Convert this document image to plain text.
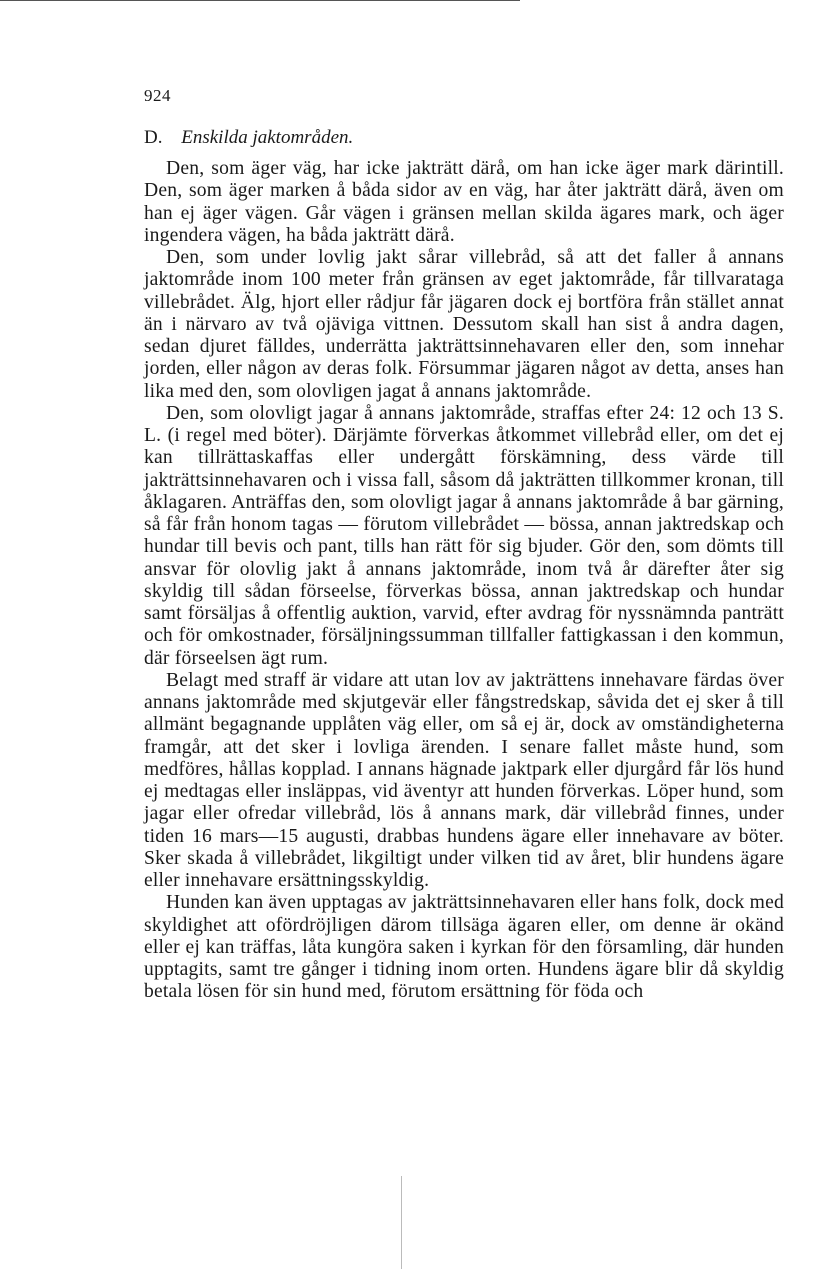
924
D. Enskilda jaktområden.

Den, som äger väg, har icke jakträtt därå, om han icke äger mark därintill. Den, som äger marken å båda sidor av en väg, har åter jakträtt därå, även om han ej äger vägen. Går vägen i gränsen mellan skilda ägares mark, och äger ingendera vägen, ha båda jakträtt därå.

Den, som under lovlig jakt sårar villebråd, så att det faller å annans jaktområde inom 100 meter från gränsen av eget jaktområde, får tillvaratagа villebrådet. Älg, hjort eller rådjur får jägaren dock ej bortföra från stället annat än i närvaro av två ojäviga vittnen. Dessutom skall han sist å andra dagen, sedan djuret fälldes, underrätta jakträttsinnehavaren eller den, som innehar jorden, eller någon av deras folk. Försummar jägaren något av detta, anses han lika med den, som olovligen jagat å annans jaktområde.

Den, som olovligt jagar å annans jaktområde, straffas efter 24: 12 och 13 S. L. (i regel med böter). Därjämte förverkas åtkommet villebråd eller, om det ej kan tillrättaskaffas eller undergått förskämning, dess värde till jakträttsinnehavaren och i vissa fall, såsom då jakträtten tillkommer kronan, till åklagaren. Anträffas den, som olovligt jagar å annans jaktområde å bar gärning, så får från honom tagas — förutom villebrådet — bössa, annan jaktredskap och hundar till bevis och pant, tills han rätt för sig bjuder. Gör den, som dömts till ansvar för olovlig jakt å annans jaktområde, inom två år därefter åter sig skyldig till sådan förseelse, förverkas bössa, annan jaktredskap och hundar samt försäljas å offentlig auktion, varvid, efter avdrag för nyssnämnda panträtt och för omkostnader, försäljningssumman tillfaller fattigkassan i den kommun, där förseelsen ägt rum.

Belagt med straff är vidare att utan lov av jakträttens innehavare färdas över annans jaktområde med skjutgevär eller fångstredskap, såvida det ej sker å till allmänt begagnande upplåten väg eller, om så ej är, dock av omständigheterna framgår, att det sker i lovliga ärenden. I senare fallet måste hund, som medföres, hållas kopplad. I annans hägnade jaktpark eller djurgård får lös hund ej medtagas eller insläppas, vid äventyr att hunden förverkas. Löper hund, som jagar eller ofredar villebråd, lös å annans mark, där villebråd finnes, under tiden 16 mars—15 augusti, drabbas hundens ägare eller innehavare av böter. Sker skada å villebrådet, likgiltigt under vilken tid av året, blir hundens ägare eller innehavare ersättningsskyldig.

Hunden kan även upptagas av jakträttsinnehavaren eller hans folk, dock med skyldighet att ofördröjligen därom tillsäga ägaren eller, om denne är okänd eller ej kan träffas, låta kungöra saken i kyrkan för den församling, där hunden upptagits, samt tre gånger i tidning inom orten. Hundens ägare blir då skyldig betala lösen för sin hund med, förutom ersättning för föda och
